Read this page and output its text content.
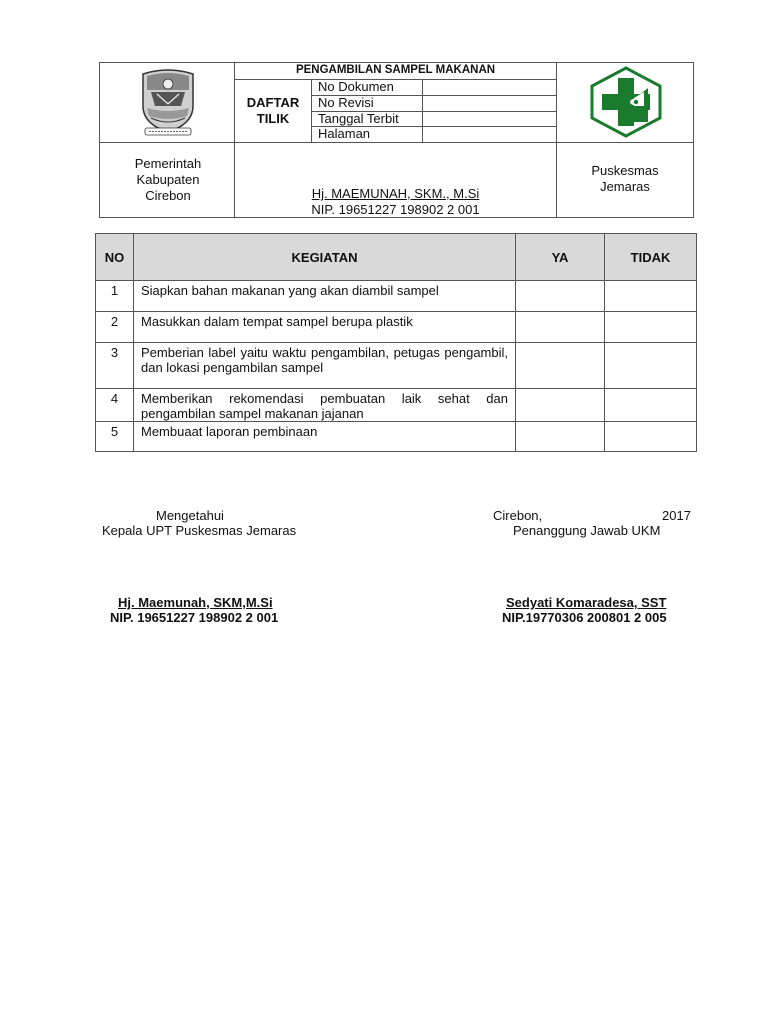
PENGAMBILAN SAMPEL MAKANAN
DAFTAR TILIK
No Dokumen
No Revisi
Tanggal Terbit
Halaman
Pemerintah Kabupaten Cirebon	Hj. MAEMUNAH, SKM., M.Si
NIP. 19651227 198902 2 001
Puskesmas Jemaras
NO	KEGIATAN	YA	TIDAK
1	Siapkan bahan makanan yang akan diambil sampel		
2	Masukkan dalam tempat sampel berupa plastik		
3	Pemberian label yaitu waktu pengambilan, petugas pengambil, dan lokasi pengambilan sampel		
4	Memberikan rekomendasi pembuatan laik sehat dan pengambilan sampel makanan jajanan		
5	Membuaat laporan pembinaan		
Mengetahui
Kepala UPT Puskesmas Jemaras
Hj. Maemunah, SKM,M.Si
NIP. 19651227 198902 2 001
Cirebon,	2017
Penanggung Jawab UKM
Sedyati Komaradesa, SST
NIP.19770306 200801 2 005
